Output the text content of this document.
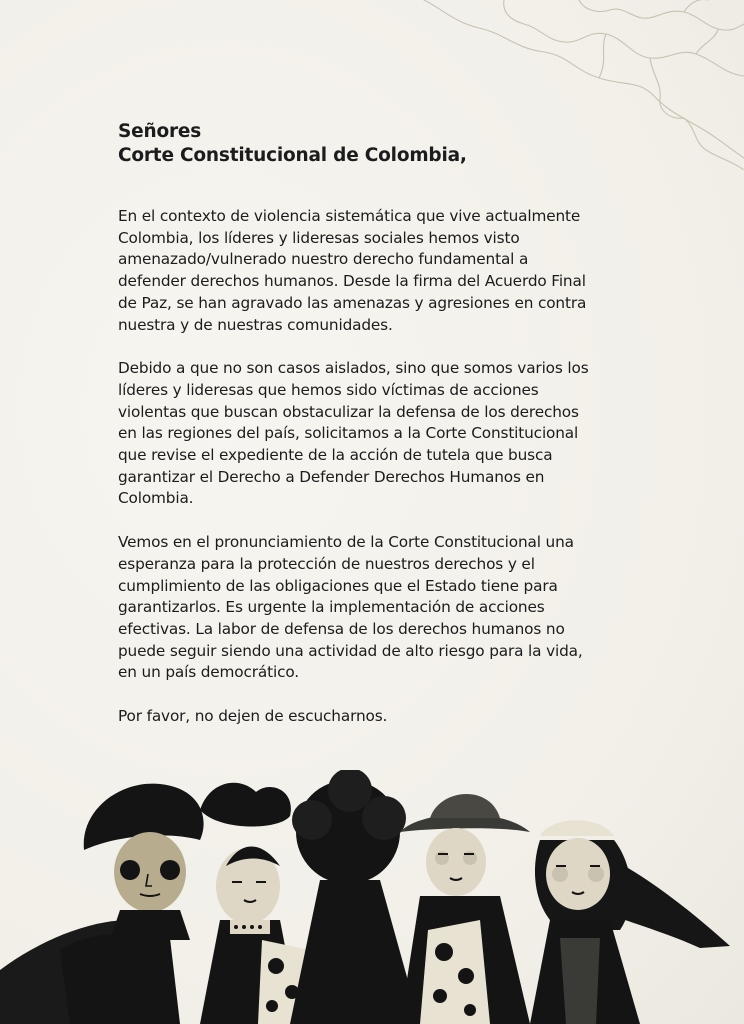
Señores
Corte Constitucional de Colombia,

En el contexto de violencia sistemática que vive actualmente
Colombia, los líderes y lideresas sociales hemos visto
amenazado/vulnerado nuestro derecho fundamental a
defender derechos humanos. Desde la firma del Acuerdo Final
de Paz, se han agravado las amenazas y agresiones en contra
nuestra y de nuestras comunidades.

Debido a que no son casos aislados, sino que somos varios los
líderes y lideresas que hemos sido víctimas de acciones
violentas que buscan obstaculizar la defensa de los derechos
en las regiones del país, solicitamos a la Corte Constitucional
que revise el expediente de la acción de tutela que busca
garantizar el Derecho a Defender Derechos Humanos en
Colombia.

Vemos en el pronunciamiento de la Corte Constitucional una
esperanza para la protección de nuestros derechos y el
cumplimiento de las obligaciones que el Estado tiene para
garantizarlos. Es urgente la implementación de acciones
efectivas. La labor de defensa de los derechos humanos no
puede seguir siendo una actividad de alto riesgo para la vida,
en un país democrático.

Por favor, no dejen de escucharnos.
